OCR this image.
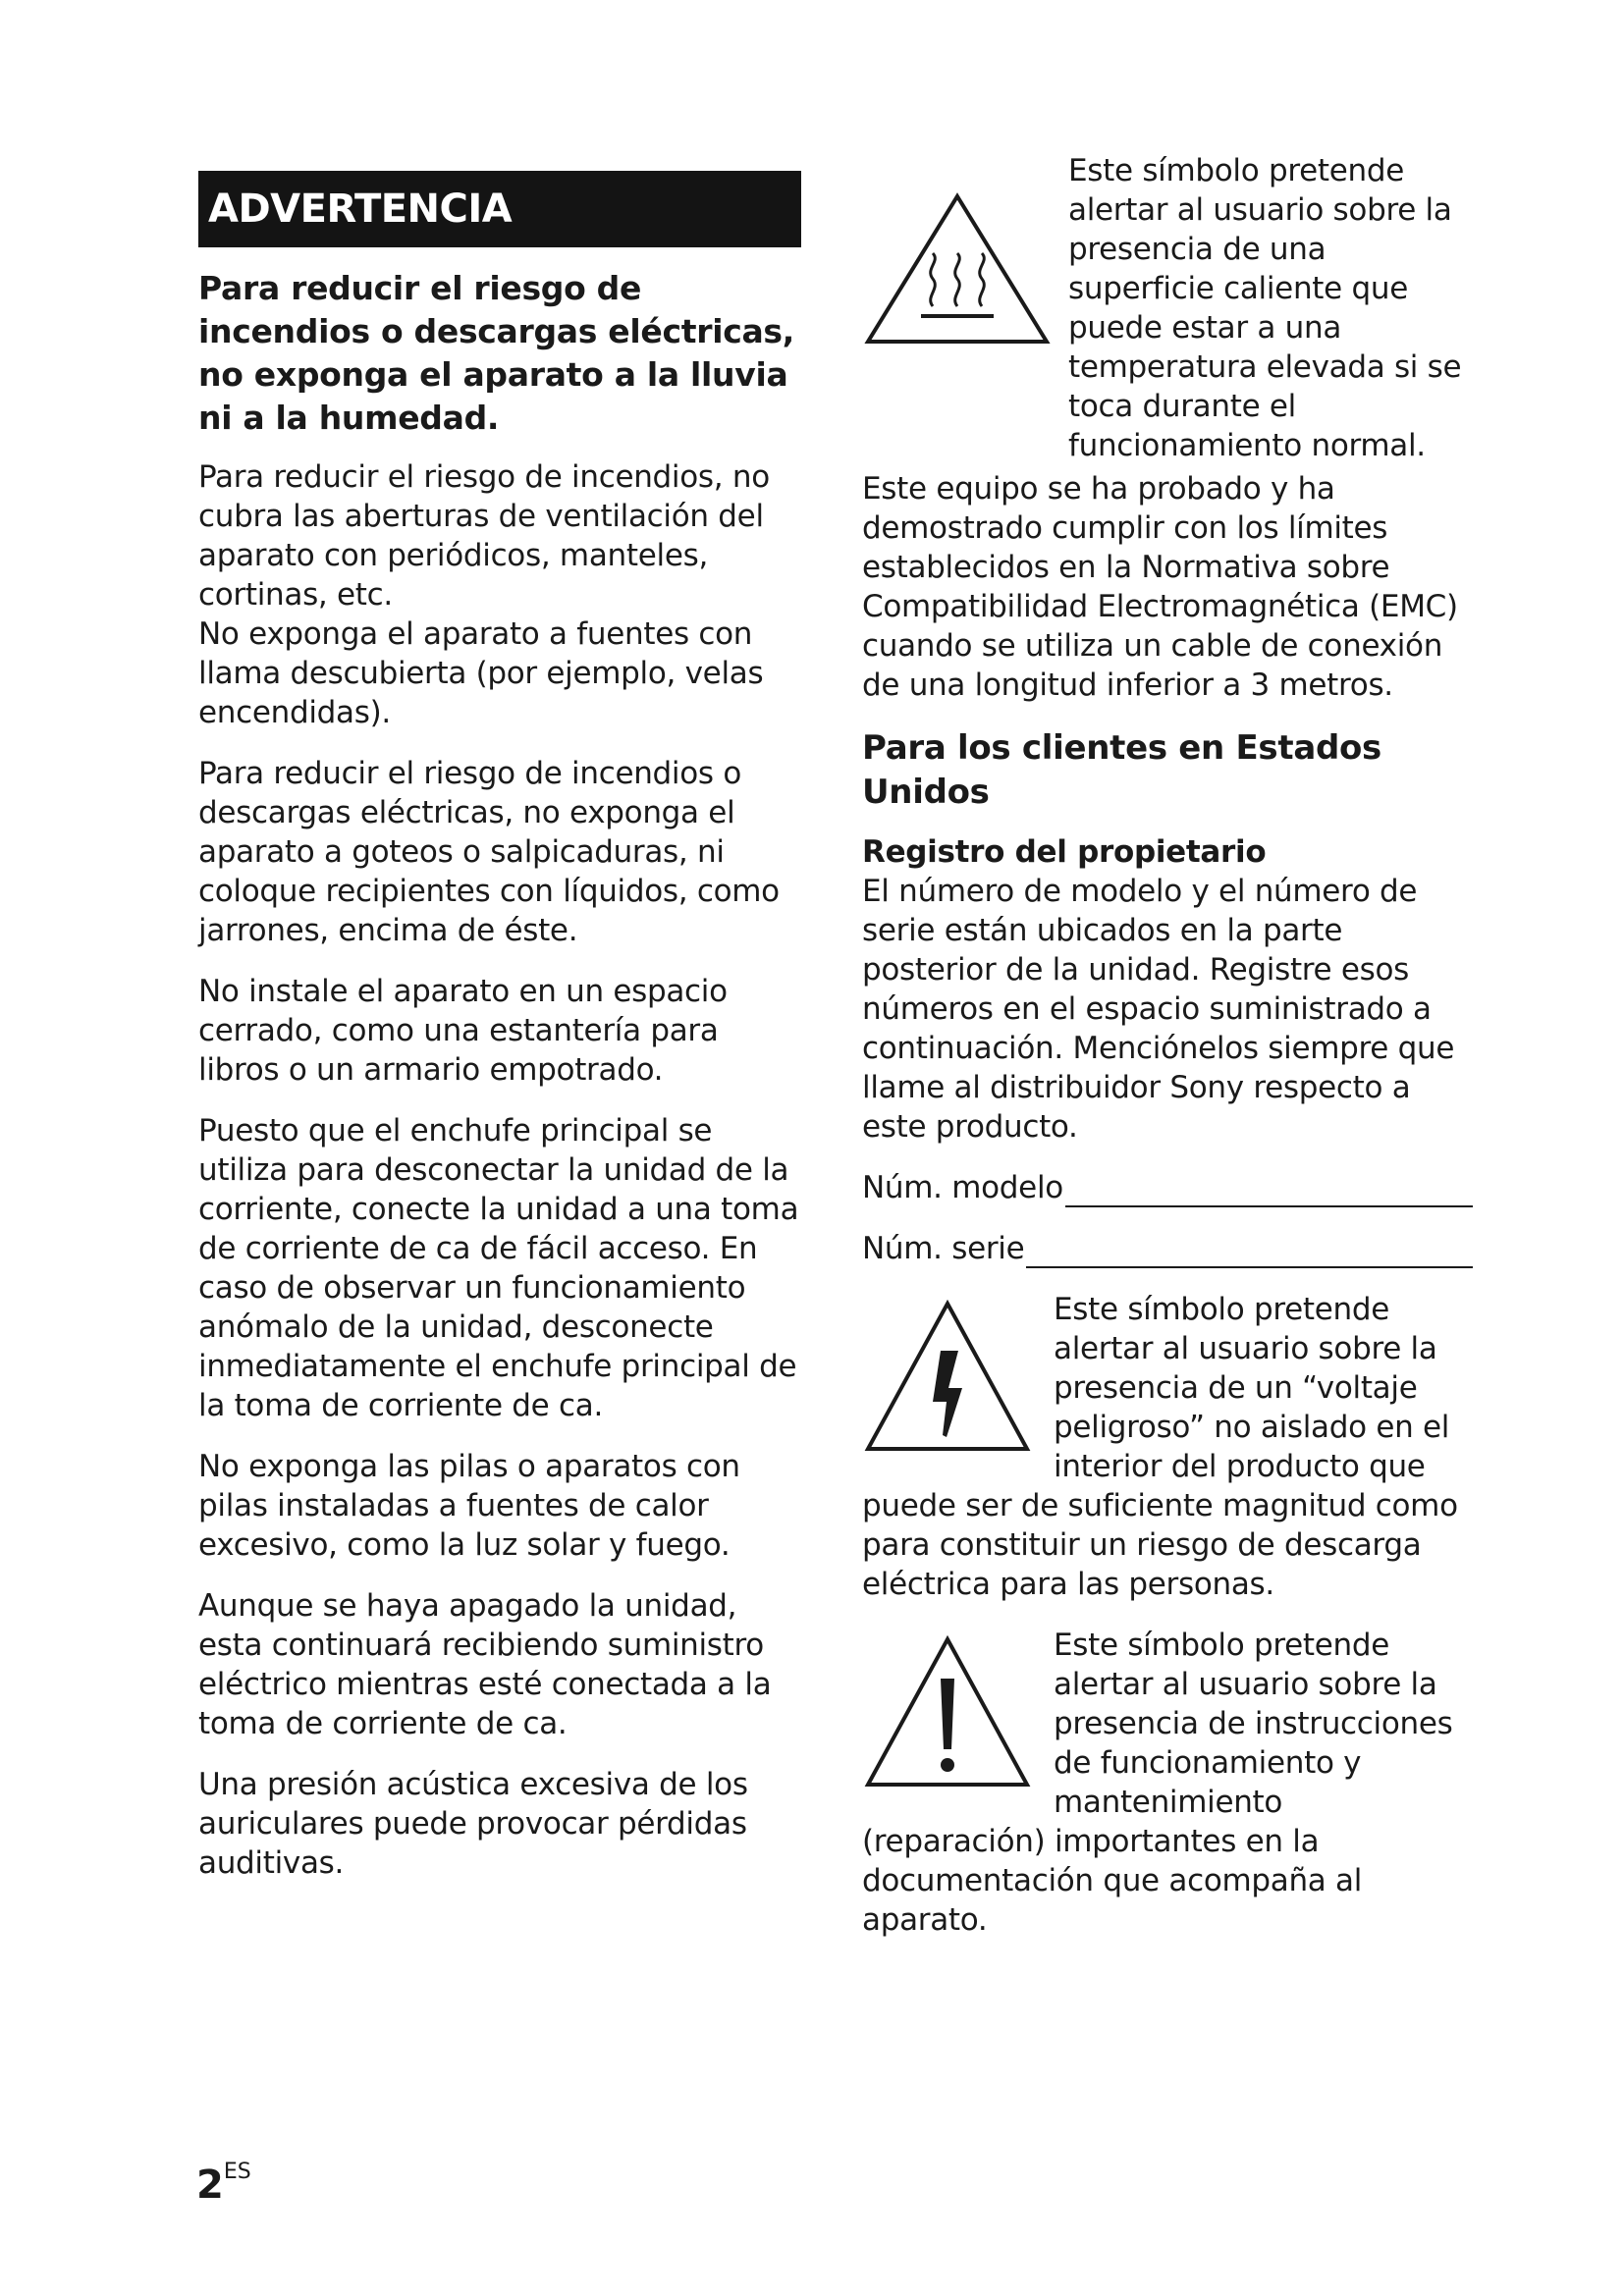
ADVERTENCIA
Para reducir el riesgo de incendios o descargas eléctricas, no exponga el aparato a la lluvia ni a la humedad.

Para reducir el riesgo de incendios, no
cubra las aberturas de ventilación del
aparato con periódicos, manteles,
cortinas, etc.
No exponga el aparato a fuentes con
llama descubierta (por ejemplo, velas
encendidas).

Para reducir el riesgo de incendios o
descargas eléctricas, no exponga el
aparato a goteos o salpicaduras, ni
coloque recipientes con líquidos, como
jarrones, encima de éste.

No instale el aparato en un espacio
cerrado, como una estantería para
libros o un armario empotrado.

Puesto que el enchufe principal se
utiliza para desconectar la unidad de la
corriente, conecte la unidad a una toma
de corriente de ca de fácil acceso. En
caso de observar un funcionamiento
anómalo de la unidad, desconecte
inmediatamente el enchufe principal de
la toma de corriente de ca.

No exponga las pilas o aparatos con
pilas instaladas a fuentes de calor
excesivo, como la luz solar y fuego.

Aunque se haya apagado la unidad,
esta continuará recibiendo suministro
eléctrico mientras esté conectada a la
toma de corriente de ca.

Una presión acústica excesiva de los
auriculares puede provocar pérdidas
auditivas.

Este símbolo pretende
alertar al usuario sobre la
presencia de una
superficie caliente que
puede estar a una
temperatura elevada si se
toca durante el
funcionamiento normal.

Este equipo se ha probado y ha
demostrado cumplir con los límites
establecidos en la Normativa sobre
Compatibilidad Electromagnética (EMC)
cuando se utiliza un cable de conexión
de una longitud inferior a 3 metros.

Para los clientes en Estados Unidos
Registro del propietario

El número de modelo y el número de
serie están ubicados en la parte
posterior de la unidad. Registre esos
números en el espacio suministrado a
continuación. Menciónelos siempre que
llame al distribuidor Sony respecto a
este producto.

Núm. modelo
Núm. serie
Este símbolo pretende
alertar al usuario sobre la
presencia de un “voltaje
peligroso” no aislado en el
interior del producto que

puede ser de suficiente magnitud como
para constituir un riesgo de descarga
eléctrica para las personas.

Este símbolo pretende
alertar al usuario sobre la
presencia de instrucciones
de funcionamiento y
mantenimiento

(reparación) importantes en la
documentación que acompaña al
aparato.

2ES
